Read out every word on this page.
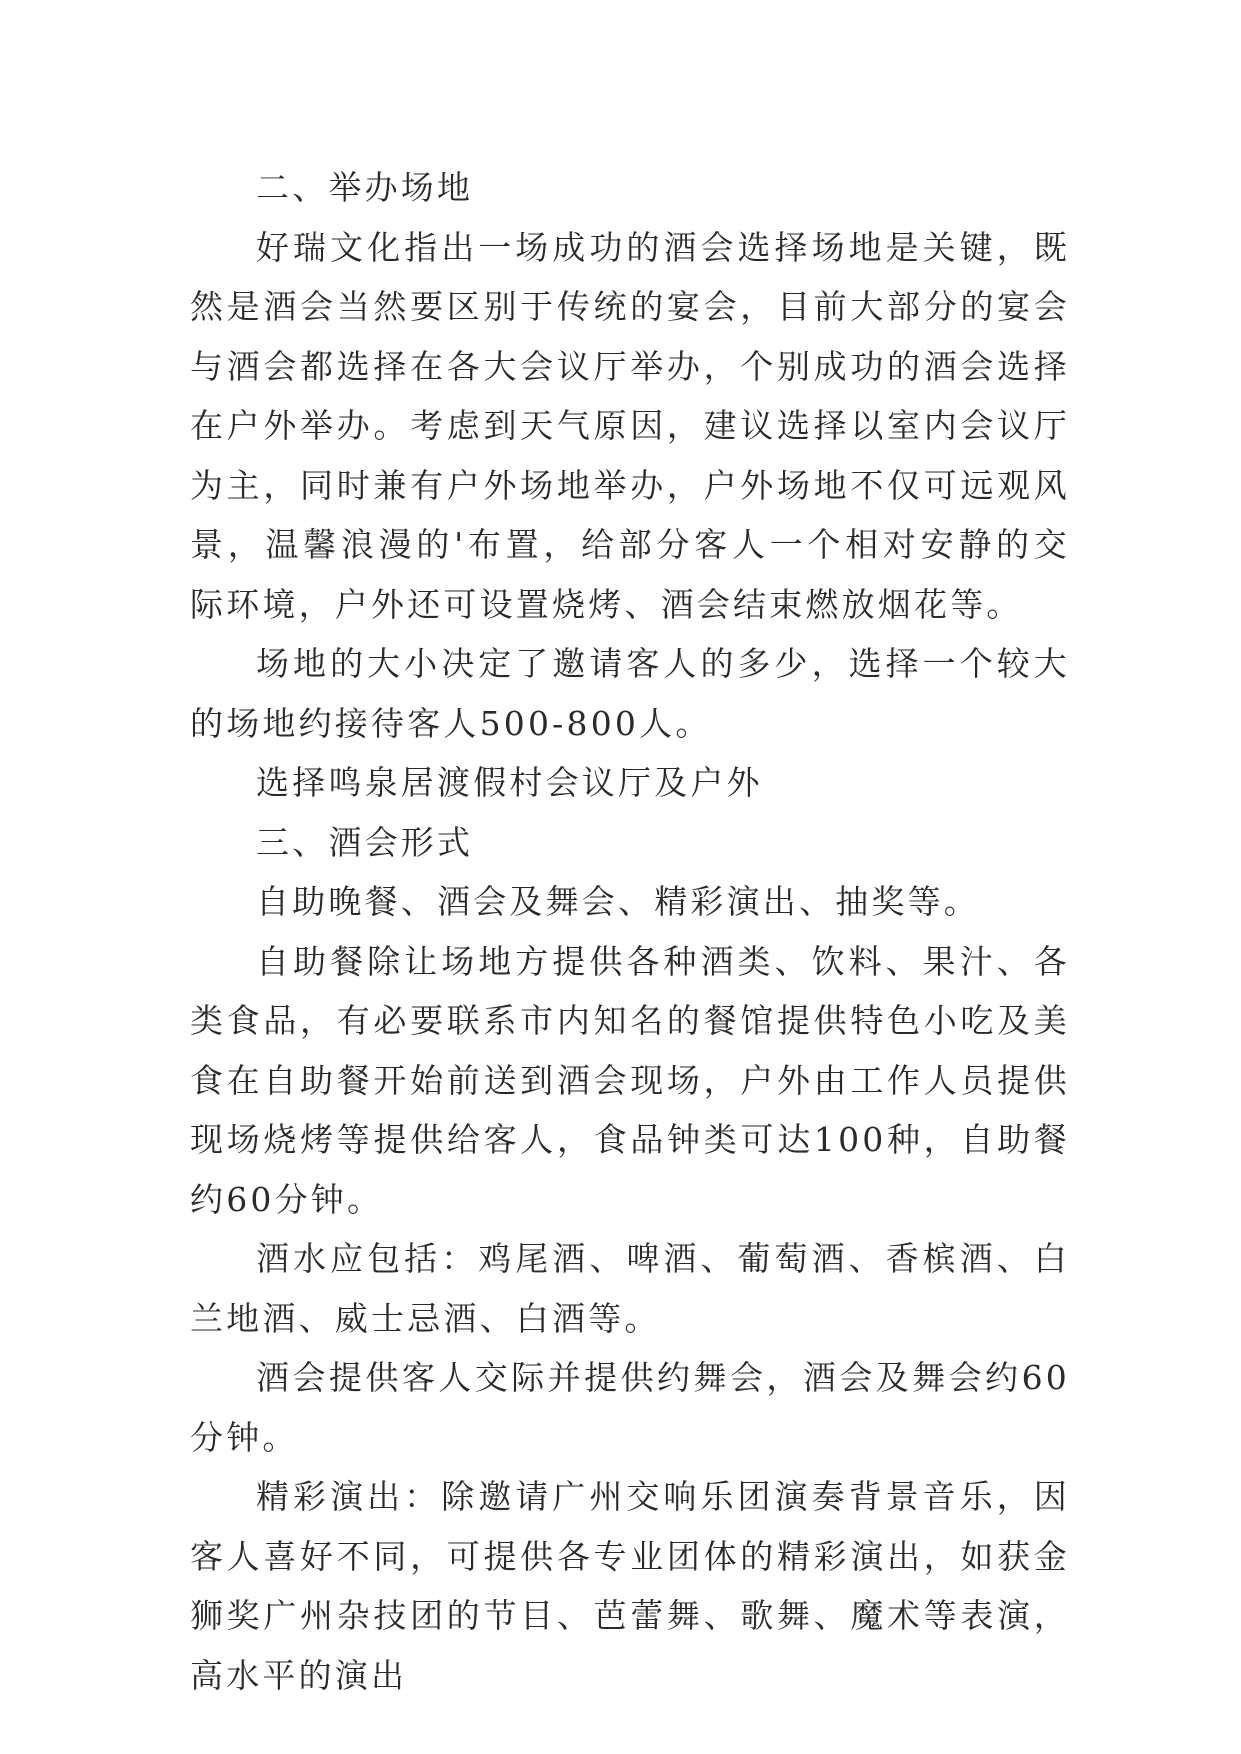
二、举办场地

好瑞文化指出一场成功的酒会选择场地是关键，既然是酒会当然要区别于传统的宴会，目前大部分的宴会与酒会都选择在各大会议厅举办，个别成功的酒会选择在户外举办。考虑到天气原因，建议选择以室内会议厅为主，同时兼有户外场地举办，户外场地不仅可远观风景，温馨浪漫的'布置，给部分客人一个相对安静的交际环境，户外还可设置烧烤、酒会结束燃放烟花等。

场地的大小决定了邀请客人的多少，选择一个较大的场地约接待客人500-800人。

选择鸣泉居渡假村会议厅及户外

三、酒会形式

自助晚餐、酒会及舞会、精彩演出、抽奖等。

自助餐除让场地方提供各种酒类、饮料、果汁、各类食品，有必要联系市内知名的餐馆提供特色小吃及美食在自助餐开始前送到酒会现场，户外由工作人员提供现场烧烤等提供给客人，食品钟类可达100种，自助餐约60分钟。

酒水应包括：鸡尾酒、啤酒、葡萄酒、香槟酒、白兰地酒、威士忌酒、白酒等。

酒会提供客人交际并提供约舞会，酒会及舞会约60分钟。

精彩演出：除邀请广州交响乐团演奏背景音乐，因客人喜好不同，可提供各专业团体的精彩演出，如获金狮奖广州杂技团的节目、芭蕾舞、歌舞、魔术等表演，高水平的演出
